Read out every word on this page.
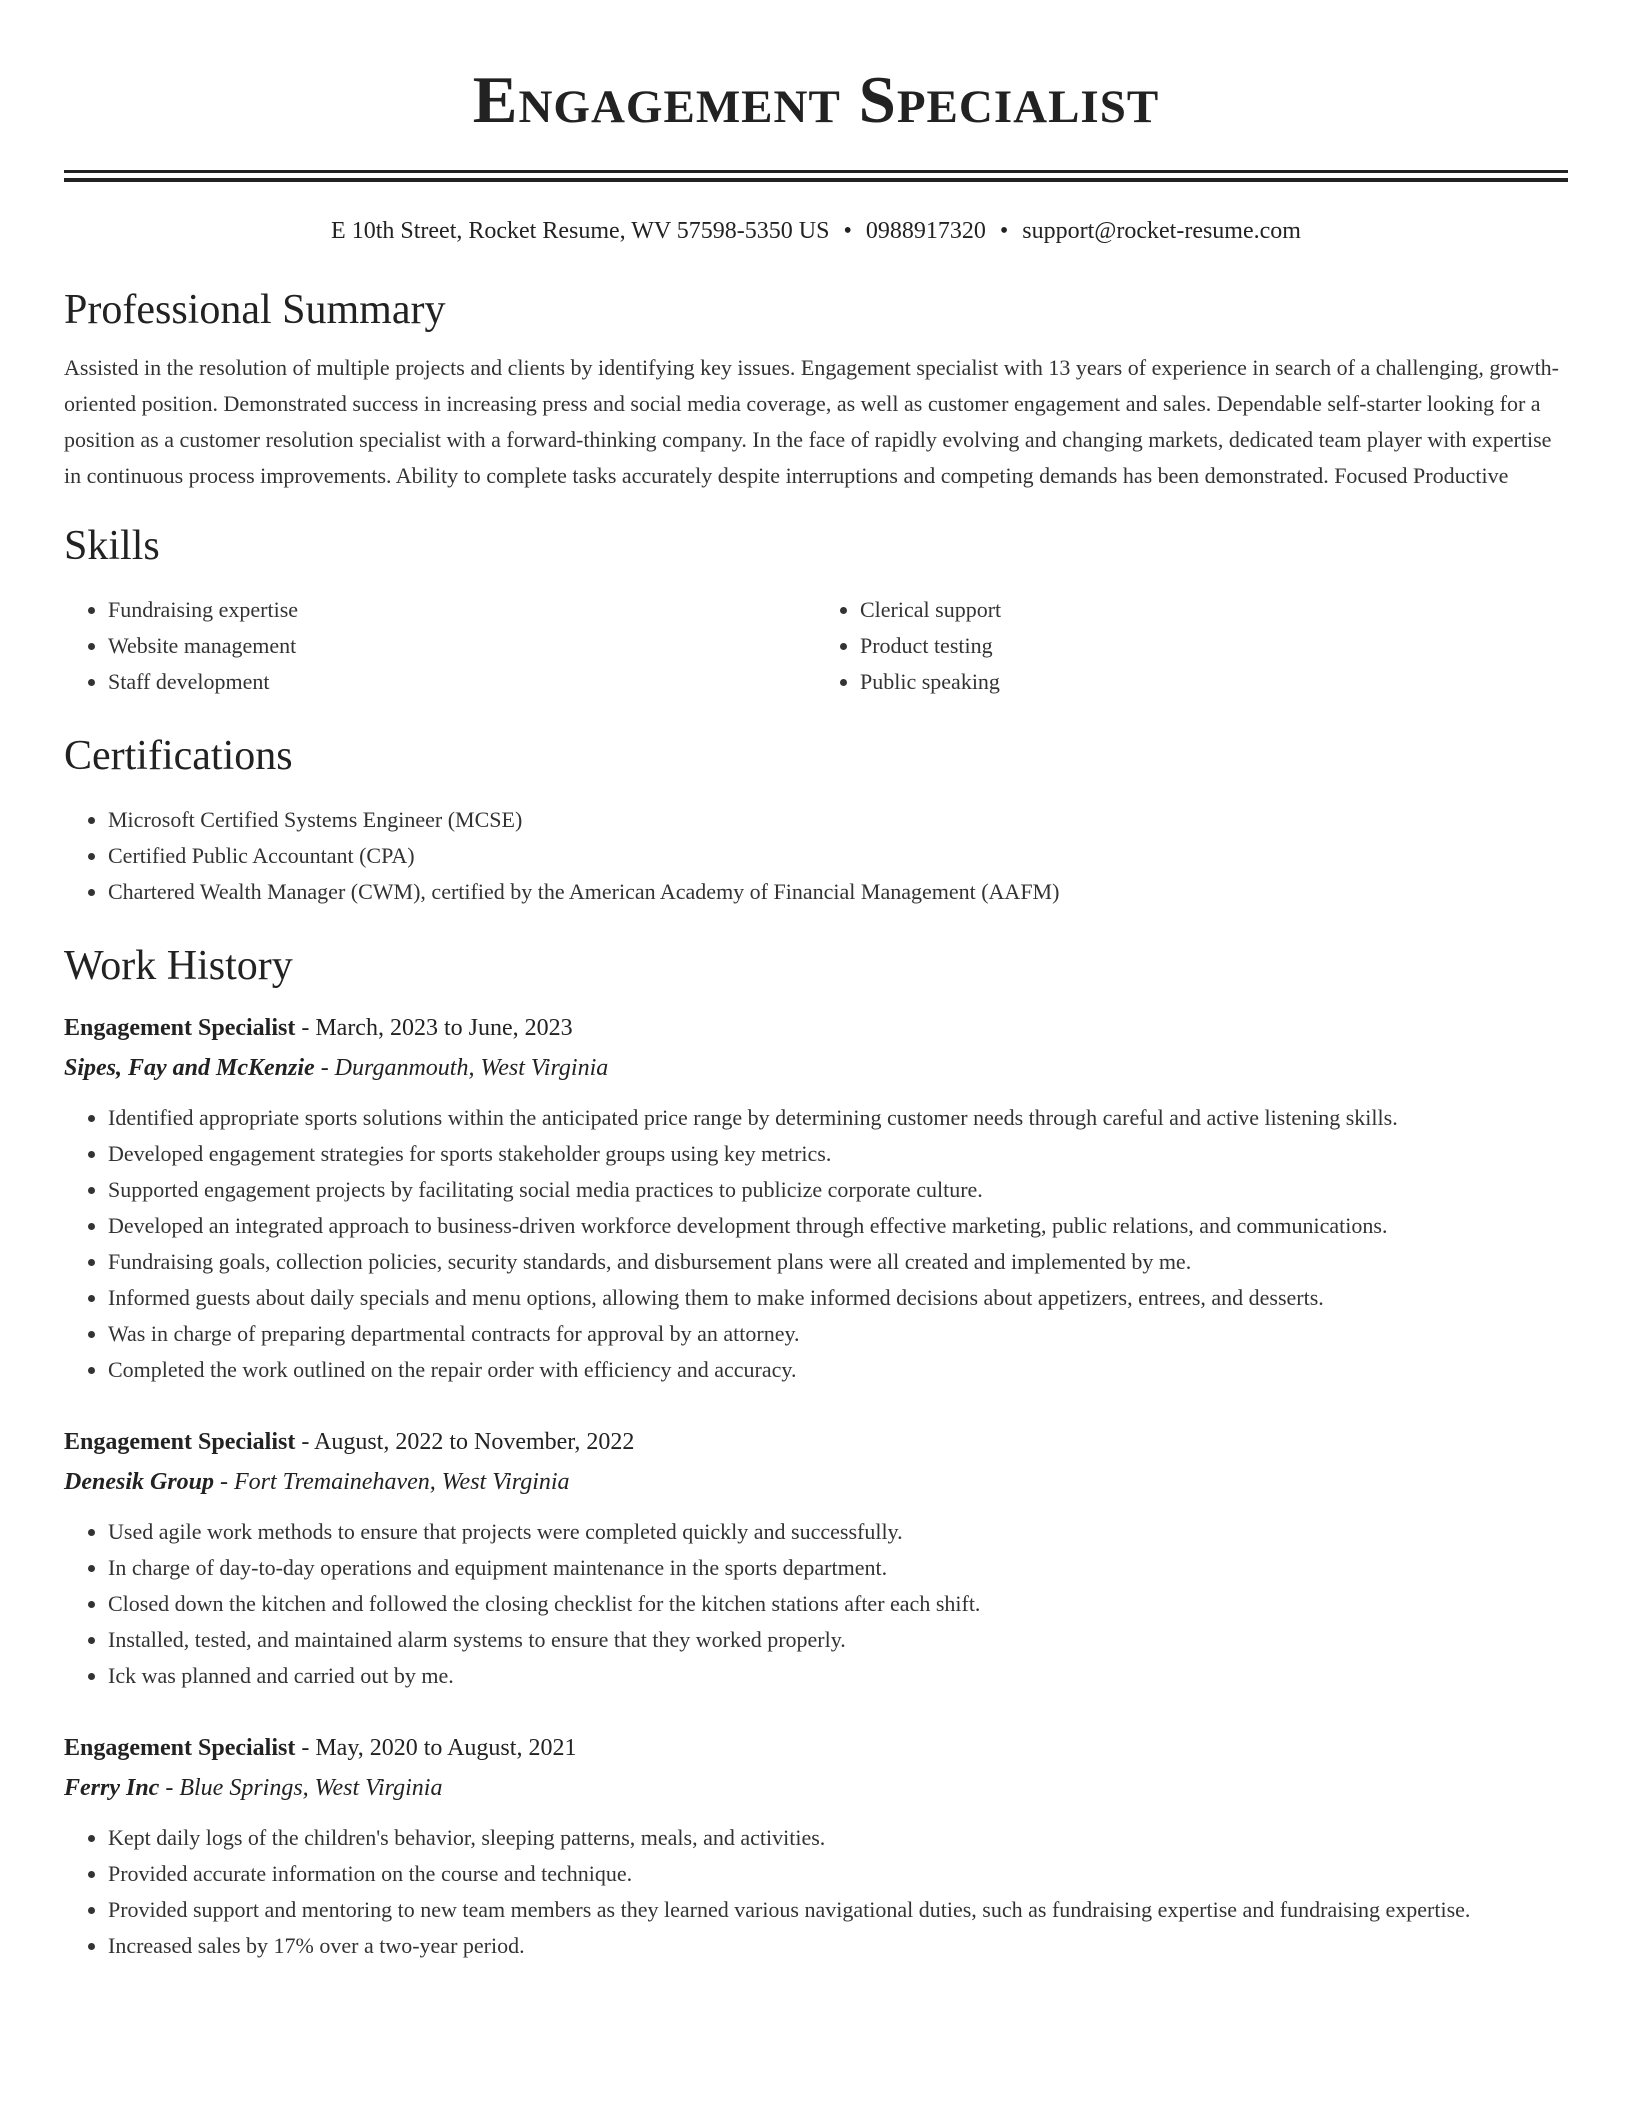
Engagement Specialist
E 10th Street, Rocket Resume, WV 57598-5350 US • 0988917320 • support@rocket-resume.com
Professional Summary

Assisted in the resolution of multiple projects and clients by identifying key issues. Engagement specialist with 13 years of experience in search of a challenging, growth-oriented position. Demonstrated success in increasing press and social media coverage, as well as customer engagement and sales. Dependable self-starter looking for a position as a customer resolution specialist with a forward-thinking company. In the face of rapidly evolving and changing markets, dedicated team player with expertise in continuous process improvements. Ability to complete tasks accurately despite interruptions and competing demands has been demonstrated. Focused Productive

Skills
• Fundraising expertise
• Website management
• Staff development
• Clerical support
• Product testing
• Public speaking
Certifications
• Microsoft Certified Systems Engineer (MCSE)
• Certified Public Accountant (CPA)
• Chartered Wealth Manager (CWM), certified by the American Academy of Financial Management (AAFM)
Work History
Engagement Specialist - March, 2023 to June, 2023
Sipes, Fay and McKenzie - Durganmouth, West Virginia
• Identified appropriate sports solutions within the anticipated price range by determining customer needs through careful and active listening skills.
• Developed engagement strategies for sports stakeholder groups using key metrics.
• Supported engagement projects by facilitating social media practices to publicize corporate culture.
• Developed an integrated approach to business-driven workforce development through effective marketing, public relations, and communications.
• Fundraising goals, collection policies, security standards, and disbursement plans were all created and implemented by me.
• Informed guests about daily specials and menu options, allowing them to make informed decisions about appetizers, entrees, and desserts.
• Was in charge of preparing departmental contracts for approval by an attorney.
• Completed the work outlined on the repair order with efficiency and accuracy.
Engagement Specialist - August, 2022 to November, 2022
Denesik Group - Fort Tremainehaven, West Virginia
• Used agile work methods to ensure that projects were completed quickly and successfully.
• In charge of day-to-day operations and equipment maintenance in the sports department.
• Closed down the kitchen and followed the closing checklist for the kitchen stations after each shift.
• Installed, tested, and maintained alarm systems to ensure that they worked properly.
• Ick was planned and carried out by me.
Engagement Specialist - May, 2020 to August, 2021
Ferry Inc - Blue Springs, West Virginia
• Kept daily logs of the children's behavior, sleeping patterns, meals, and activities.
• Provided accurate information on the course and technique.
• Provided support and mentoring to new team members as they learned various navigational duties, such as fundraising expertise and fundraising expertise.
• Increased sales by 17% over a two-year period.
